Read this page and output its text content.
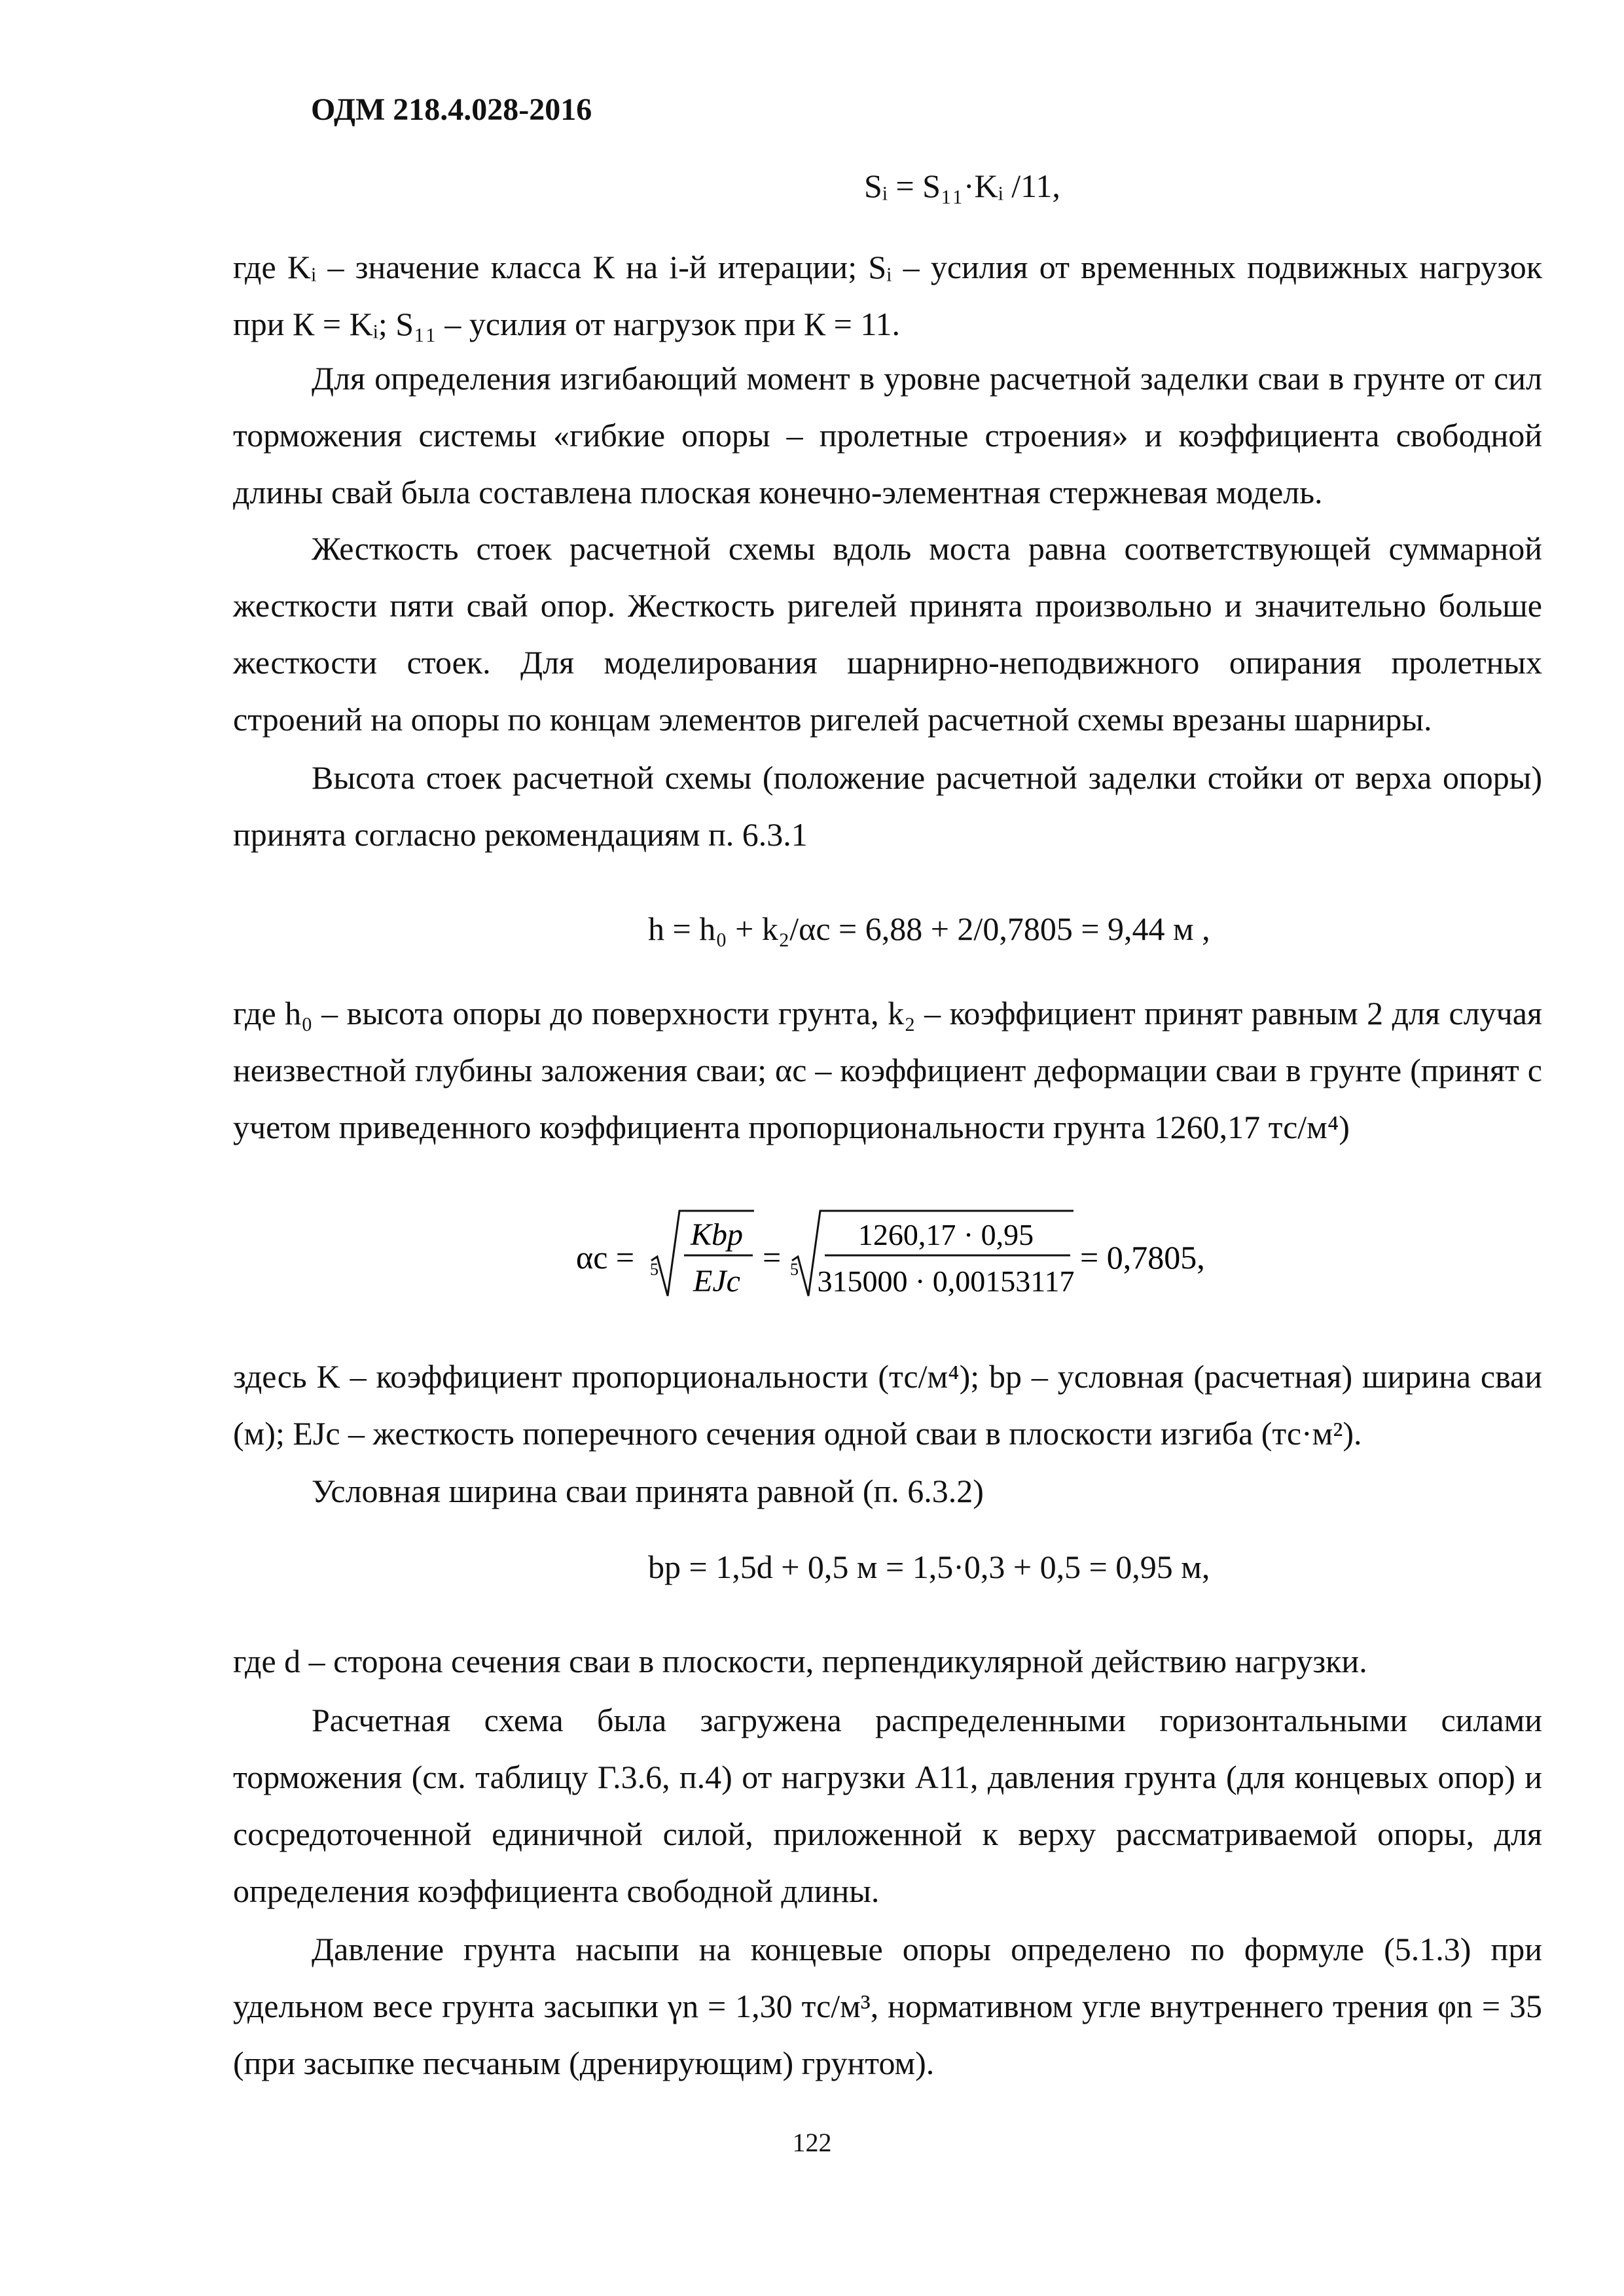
ОДМ 218.4.028-2016
Sᵢ = S₁₁·Kᵢ /11,
где Kᵢ – значение класса К на i-й итерации; Sᵢ – усилия от временных подвижных нагрузок при К = Kᵢ; S₁₁ – усилия от нагрузок при К = 11.
Для определения изгибающий момент в уровне расчетной заделки сваи в грунте от сил торможения системы «гибкие опоры – пролетные строения» и коэффициента свободной длины свай была составлена плоская конечно-элементная стержневая модель.
Жесткость стоек расчетной схемы вдоль моста равна соответствующей суммарной жесткости пяти свай опор. Жесткость ригелей принята произвольно и значительно больше жесткости стоек. Для моделирования шарнирно-неподвижного опирания пролетных строений на опоры по концам элементов ригелей расчетной схемы врезаны шарниры.
Высота стоек расчетной схемы (положение расчетной заделки стойки от верха опоры) принята согласно рекомендациям п. 6.3.1
h = h₀ + k₂/αc = 6,88 + 2/0,7805 = 9,44 м ,
где h₀ – высота опоры до поверхности грунта, k₂ – коэффициент принят равным 2 для случая неизвестной глубины заложения сваи; αc – коэффициент деформации сваи в грунте (принят с учетом приведенного коэффициента пропорциональности грунта 1260,17 тс/м⁴)
αc = 5
Kbp
EJc
= 5
1260,17 · 0,95
315000 · 0,00153117
= 0,7805,
здесь K – коэффициент пропорциональности (тс/м⁴); bp – условная (расчетная) ширина сваи (м); EJc – жесткость поперечного сечения одной сваи в плоскости изгиба (тс·м²).
Условная ширина сваи принята равной (п. 6.3.2)
bp = 1,5d + 0,5 м = 1,5·0,3 + 0,5 = 0,95 м,
где d – сторона сечения сваи в плоскости, перпендикулярной действию нагрузки.
Расчетная схема была загружена распределенными горизонтальными силами торможения (см. таблицу Г.3.6, п.4) от нагрузки А11, давления грунта (для концевых опор) и сосредоточенной единичной силой, приложенной к верху рассматриваемой опоры, для определения коэффициента свободной длины.
Давление грунта насыпи на концевые опоры определено по формуле (5.1.3) при удельном весе грунта засыпки γn = 1,30 тс/м³, нормативном угле внутреннего трения φn = 35 (при засыпке песчаным (дренирующим) грунтом).
122
